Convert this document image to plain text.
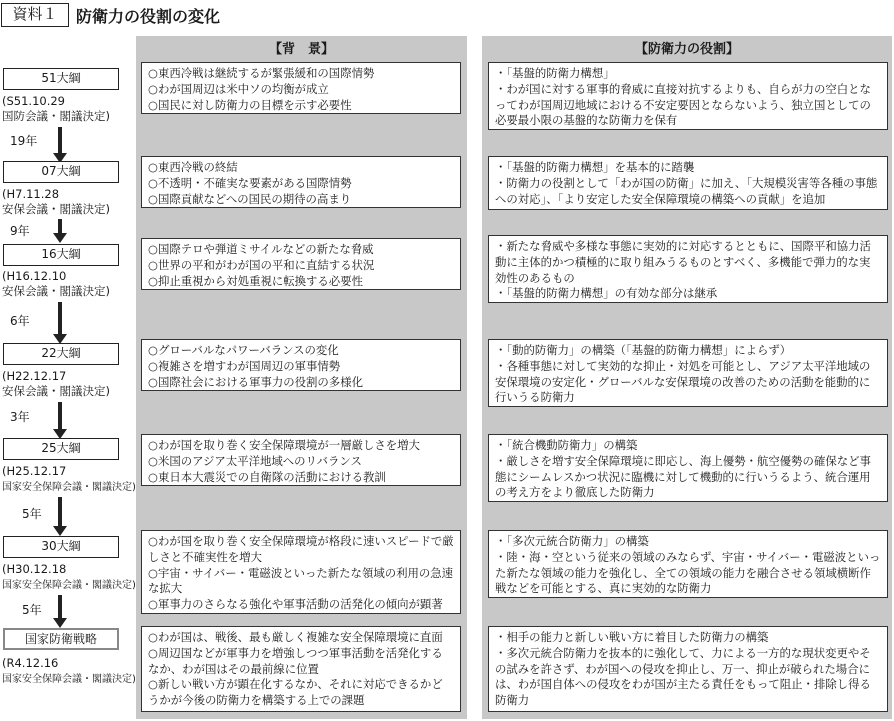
資料１	防衛力の役割の変化
【背　景】	【防衛力の役割】
51大綱
(S51.10.29
国防会議・閣議決定)
19年
07大綱
(H7.11.28
安保会議・閣議決定)
9年
16大綱
(H16.12.10
安保会議・閣議決定)
6年
22大綱
(H22.12.17
安保会議・閣議決定)
3年
25大綱
(H25.12.17
国家安全保障会議・閣議決定)
5年
30大綱
(H30.12.18
国家安全保障会議・閣議決定)
5年
国家防衛戦略
(R4.12.16
国家安全保障会議・閣議決定)
○東西冷戦は継続するが緊張緩和の国際情勢
○わが国周辺は米中ソの均衡が成立
○国民に対し防衛力の目標を示す必要性
○東西冷戦の終結
○不透明・不確実な要素がある国際情勢
○国際貢献などへの国民の期待の高まり
○国際テロや弾道ミサイルなどの新たな脅威
○世界の平和がわが国の平和に直結する状況
○抑止重視から対処重視に転換する必要性
○グローバルなパワーバランスの変化
○複雑さを増すわが国周辺の軍事情勢
○国際社会における軍事力の役割の多様化
○わが国を取り巻く安全保障環境が一層厳しさを増大
○米国のアジア太平洋地域へのリバランス
○東日本大震災での自衛隊の活動における教訓
○わが国を取り巻く安全保障環境が格段に速いスピードで厳しさと不確実性を増大
○宇宙・サイバー・電磁波といった新たな領域の利用の急速な拡大
○軍事力のさらなる強化や軍事活動の活発化の傾向が顕著
○わが国は、戦後、最も厳しく複雑な安全保障環境に直面
○周辺国などが軍事力を増強しつつ軍事活動を活発化するなか、わが国はその最前線に位置
○新しい戦い方が顕在化するなか、それに対応できるかどうかが今後の防衛力を構築する上での課題
・「基盤的防衛力構想」
・わが国に対する軍事的脅威に直接対抗するよりも、自らが力の空白となってわが国周辺地域における不安定要因とならないよう、独立国としての必要最小限の基盤的な防衛力を保有
・「基盤的防衛力構想」を基本的に踏襲
・防衛力の役割として「わが国の防衛」に加え、「大規模災害等各種の事態への対応」、「より安定した安全保障環境の構築への貢献」を追加
・新たな脅威や多様な事態に実効的に対応するとともに、国際平和協力活動に主体的かつ積極的に取り組みうるものとすべく、多機能で弾力的な実効性のあるもの
・「基盤的防衛力構想」の有効な部分は継承
・「動的防衛力」の構築（「基盤的防衛力構想」によらず）
・各種事態に対して実効的な抑止・対処を可能とし、アジア太平洋地域の安保環境の安定化・グローバルな安保環境の改善のための活動を能動的に行いうる防衛力
・「統合機動防衛力」の構築
・厳しさを増す安全保障環境に即応し、海上優勢・航空優勢の確保など事態にシームレスかつ状況に臨機に対して機動的に行いうるよう、統合運用の考え方をより徹底した防衛力
・「多次元統合防衛力」の構築
・陸・海・空という従来の領域のみならず、宇宙・サイバー・電磁波といった新たな領域の能力を強化し、全ての領域の能力を融合させる領域横断作戦などを可能とする、真に実効的な防衛力
・相手の能力と新しい戦い方に着目した防衛力の構築
・多次元統合防衛力を抜本的に強化して、力による一方的な現状変更やその試みを許さず、わが国への侵攻を抑止し、万一、抑止が破られた場合には、わが国自体への侵攻をわが国が主たる責任をもって阻止・排除し得る防衛力
